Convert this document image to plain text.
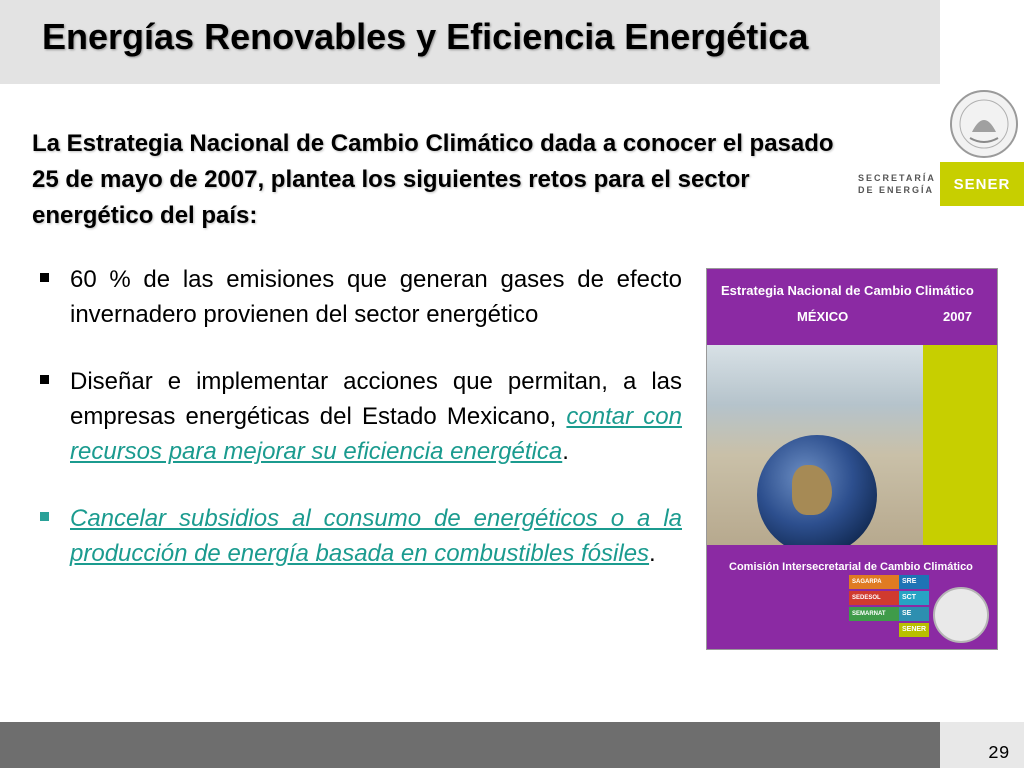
Energías Renovables y Eficiencia Energética
SECRETARÍA
DE ENERGÍA	SENER

La Estrategia Nacional de Cambio Climático dada a conocer el pasado 25 de mayo de 2007, plantea los siguientes retos para el sector energético del país:

60 % de las emisiones que generan gases de efecto invernadero provienen del sector energético
Diseñar e implementar acciones que permitan, a las empresas energéticas del Estado Mexicano, contar con recursos para mejorar su eficiencia energética.
Cancelar subsidios al consumo de energéticos o a la producción de energía basada en combustibles fósiles.
Estrategia Nacional de Cambio Climático
MÉXICO	2007
Comisión Intersecretarial de Cambio Climático
SAGARPA
SEDESOL
SEMARNAT
SRE
SCT
SE
SENER
29
